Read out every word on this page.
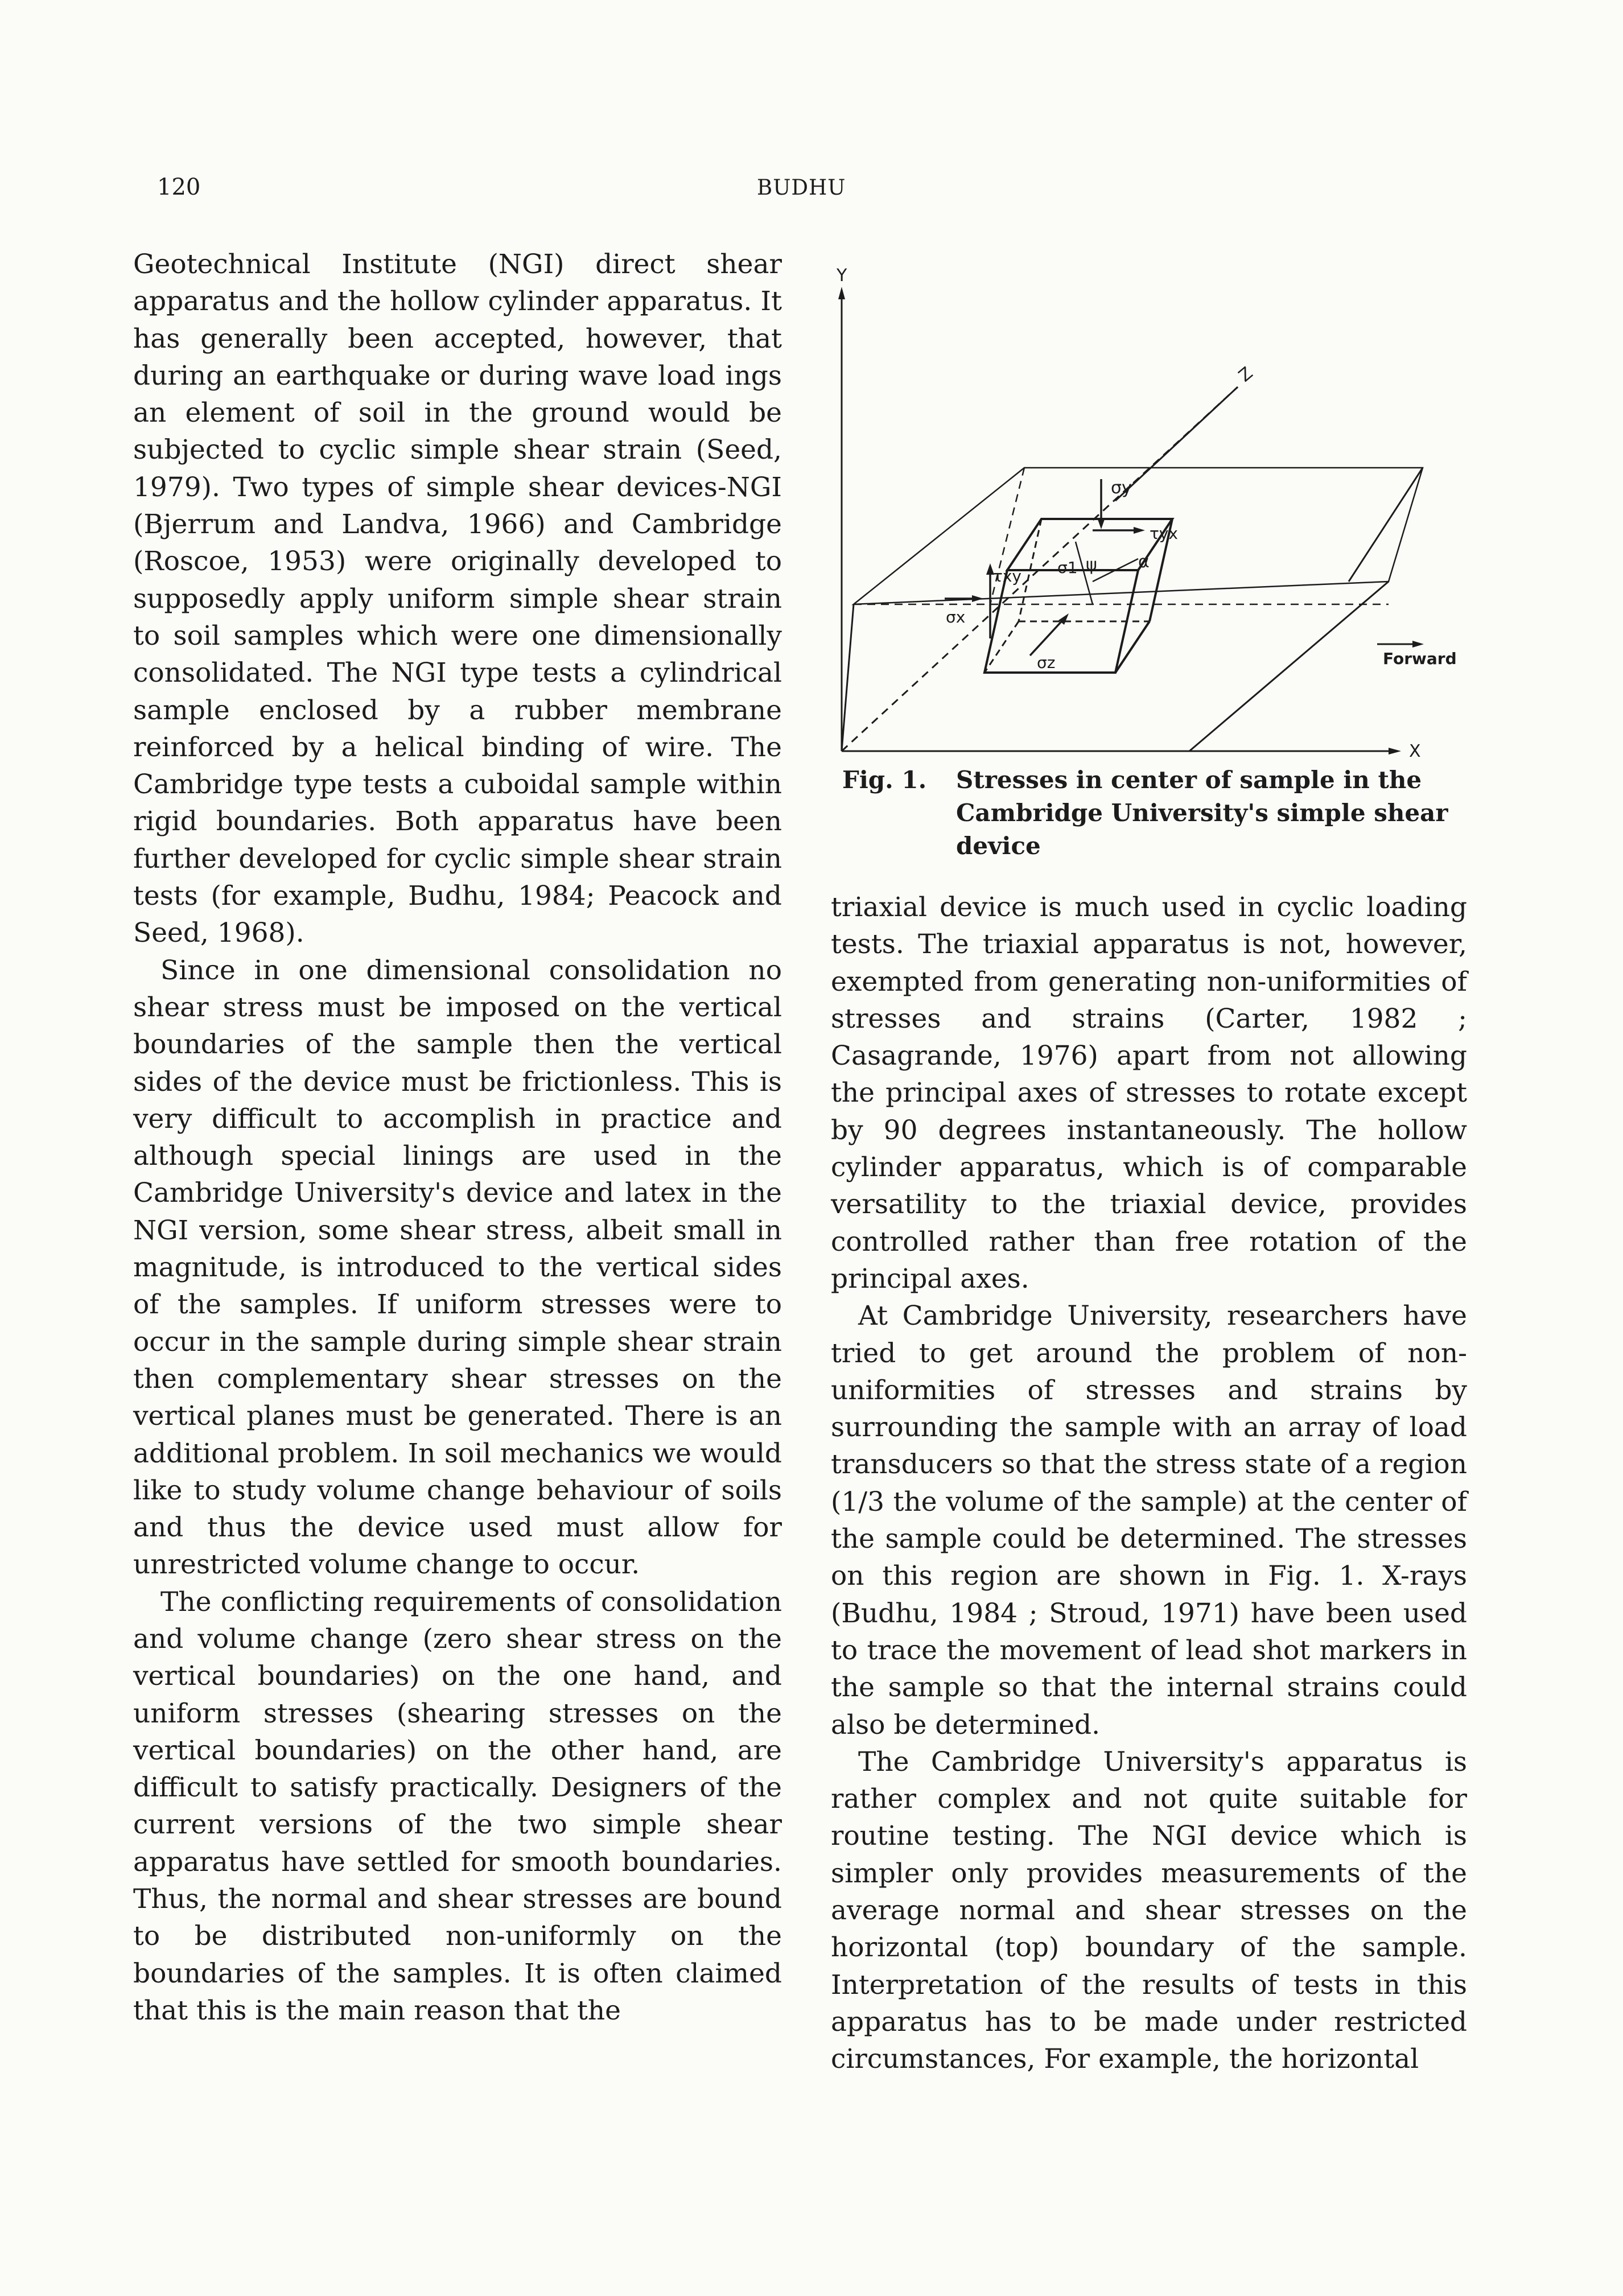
120	BUDHU

Geotechnical Institute (NGI) direct shear apparatus and the hollow cylinder apparatus. It has generally been accepted, however, that during an earthquake or during wave load ings an element of soil in the ground would be subjected to cyclic simple shear strain (Seed, 1979). Two types of simple shear devices-NGI (Bjerrum and Landva, 1966) and Cambridge (Roscoe, 1953) were originally developed to supposedly apply uniform simple shear strain to soil samples which were one dimensionally consolidated. The NGI type tests a cylindrical sample enclosed by a rubber membrane reinforced by a helical binding of wire. The Cambridge type tests a cuboidal sample within rigid boundaries. Both apparatus have been further developed for cyclic simple shear strain tests (for example, Budhu, 1984; Peacock and Seed, 1968).

Since in one dimensional consolidation no shear stress must be imposed on the vertical boundaries of the sample then the vertical sides of the device must be frictionless. This is very difficult to accomplish in practice and although special linings are used in the Cambridge University's device and latex in the NGI version, some shear stress, albeit small in magnitude, is introduced to the vertical sides of the samples. If uniform stresses were to occur in the sample during simple shear strain then complementary shear stresses on the vertical planes must be generated. There is an additional problem. In soil mechanics we would like to study volume change behaviour of soils and thus the device used must allow for unrestricted volume change to occur.

The conflicting requirements of consolidation and volume change (zero shear stress on the vertical boundaries) on the one hand, and uniform stresses (shearing stresses on the vertical boundaries) on the other hand, are difficult to satisfy practically. Designers of the current versions of the two simple shear apparatus have settled for smooth boundaries. Thus, the normal and shear stresses are bound to be distributed non-uniformly on the boundaries of the samples. It is often claimed that this is the main reason that the

Y
X
Z
σy
τyx
τxy
σx
σz
σ1 ψ α
Forward
Fig. 1. Stresses in center of sample in the
Cambridge University's simple shear
device

triaxial device is much used in cyclic loading tests. The triaxial apparatus is not, however, exempted from generating non-uniformities of stresses and strains (Carter, 1982 ; Casagrande, 1976) apart from not allowing the principal axes of stresses to rotate except by 90 degrees instantaneously. The hollow cylinder apparatus, which is of comparable versatility to the triaxial device, provides controlled rather than free rotation of the principal axes.

At Cambridge University, researchers have tried to get around the problem of non-uniformities of stresses and strains by surrounding the sample with an array of load transducers so that the stress state of a region (1/3 the volume of the sample) at the center of the sample could be determined. The stresses on this region are shown in Fig. 1. X-rays (Budhu, 1984 ; Stroud, 1971) have been used to trace the movement of lead shot markers in the sample so that the internal strains could also be determined.

The Cambridge University's apparatus is rather complex and not quite suitable for routine testing. The NGI device which is simpler only provides measurements of the average normal and shear stresses on the horizontal (top) boundary of the sample. Interpretation of the results of tests in this apparatus has to be made under restricted circumstances, For example, the horizontal
